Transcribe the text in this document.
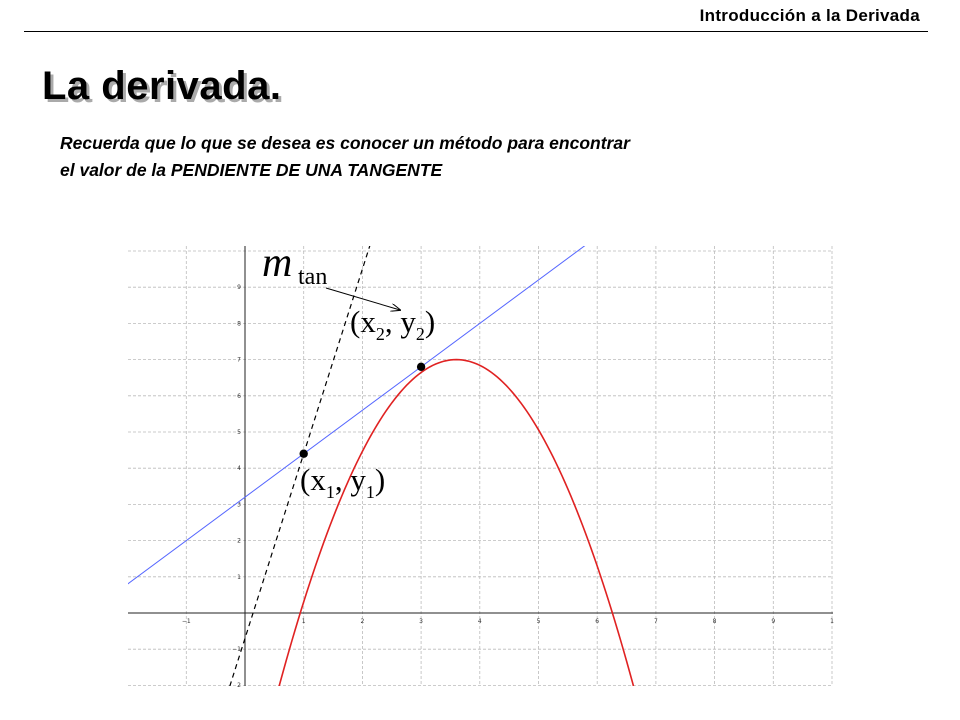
Introducción a la Derivada
La derivada.
Recuerda que lo que se desea es conocer un método para encontrar
el valor de la PENDIENTE DE UNA TANGENTE
−1	1	2	3	4	5	6	7	8	9	1
−1
1
2
3
4
5
6
7
8
9
2
m tan
($x_2$, $y_2$)
($x_1$, $y_1$)
